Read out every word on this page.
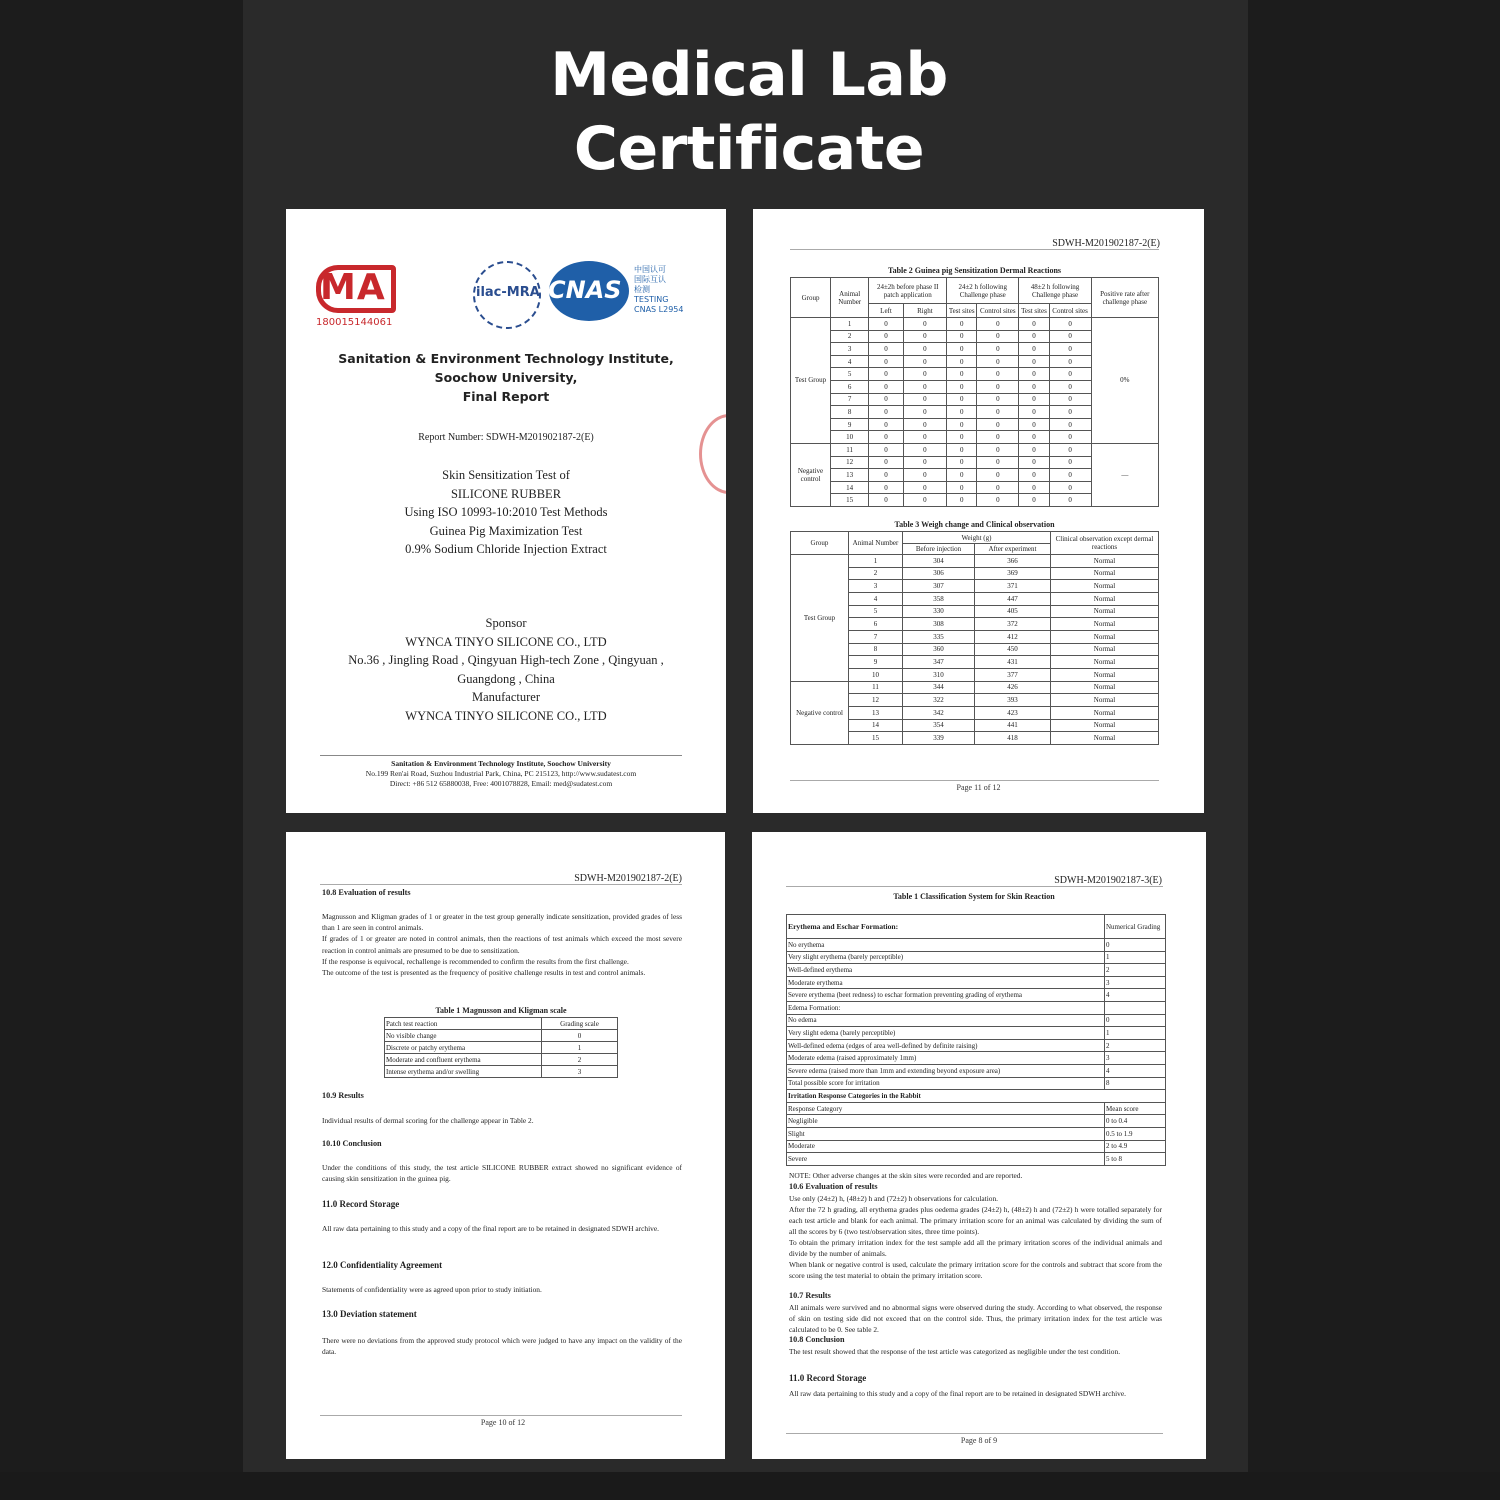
Medical Lab
Certificate
MA
180015144061
ilac-MRA CNAS
中国认可
国际互认
检测
TESTING
CNAS L2954
Sanitation & Environment Technology Institute,
Soochow University,
Final Report
Report Number: SDWH-M201902187-2(E)
Skin Sensitization Test of
SILICONE RUBBER
Using ISO 10993-10:2010 Test Methods
Guinea Pig Maximization Test
0.9% Sodium Chloride Injection Extract
Sponsor
WYNCA TINYO SILICONE CO., LTD
No.36 , Jingling Road , Qingyuan High-tech Zone , Qingyuan ,
Guangdong , China
Manufacturer
WYNCA TINYO SILICONE CO., LTD
Sanitation & Environment Technology Institute, Soochow University
No.199 Ren'ai Road, Suzhou Industrial Park, China, PC 215123, http://www.sudatest.com
Direct: +86 512 65880038, Free: 4001078828, Email: med@sudatest.com
SDWH-M201902187-2(E)
Table 2 Guinea pig Sensitization Dermal Reactions
Group	Animal Number	24±2h before phase II patch application		24±2 h following Challenge phase		48±2 h following Challenge phase		Positive rate after challenge phase
		Left	Right	Test sites	Control sites	Test sites	Control sites	
Test Group	1	0	0	0	0	0	0	0%
	2	0	0	0	0	0	0	
	3	0	0	0	0	0	0	
	4	0	0	0	0	0	0	
	5	0	0	0	0	0	0	
	6	0	0	0	0	0	0	
	7	0	0	0	0	0	0	
	8	0	0	0	0	0	0	
	9	0	0	0	0	0	0	
	10	0	0	0	0	0	0	
Negative control	11	0	0	0	0	0	0	—
	12	0	0	0	0	0	0	
	13	0	0	0	0	0	0	
	14	0	0	0	0	0	0	
	15	0	0	0	0	0	0	
Table 3 Weigh change and Clinical observation
Group	Animal Number	Weight (g)		Clinical observation except dermal reactions
		Before injection	After experiment	
Test Group	1	304	366	Normal
	2	306	369	Normal
	3	307	371	Normal
	4	358	447	Normal
	5	330	405	Normal
	6	308	372	Normal
	7	335	412	Normal
	8	360	450	Normal
	9	347	431	Normal
	10	310	377	Normal
Negative control	11	344	426	Normal
	12	322	393	Normal
	13	342	423	Normal
	14	354	441	Normal
	15	339	418	Normal
Page 11 of 12
SDWH-M201902187-2(E)
10.8 Evaluation of results
Magnusson and Kligman grades of 1 or greater in the test group generally indicate sensitization, provided grades of less than 1 are seen in control animals.
If grades of 1 or greater are noted in control animals, then the reactions of test animals which exceed the most severe reaction in control animals are presumed to be due to sensitization.
If the response is equivocal, rechallenge is recommended to confirm the results from the first challenge.
The outcome of the test is presented as the frequency of positive challenge results in test and control animals.
Table 1 Magnusson and Kligman scale
Patch test reaction	Grading scale
No visible change	0
Discrete or patchy erythema	1
Moderate and confluent erythema	2
Intense erythema and/or swelling	3
10.9 Results
Individual results of dermal scoring for the challenge appear in Table 2.
10.10 Conclusion
Under the conditions of this study, the test article SILICONE RUBBER extract showed no significant evidence of causing skin sensitization in the guinea pig.
11.0 Record Storage
All raw data pertaining to this study and a copy of the final report are to be retained in designated SDWH archive.
12.0 Confidentiality Agreement
Statements of confidentiality were as agreed upon prior to study initiation.
13.0 Deviation statement
There were no deviations from the approved study protocol which were judged to have any impact on the validity of the data.
Page 10 of 12
SDWH-M201902187-3(E)
Table 1 Classification System for Skin Reaction
Erythema and Eschar Formation:	Numerical Grading
No erythema	0
Very slight erythema (barely perceptible)	1
Well-defined erythema	2
Moderate erythema	3
Severe erythema (beet redness) to eschar formation preventing grading of erythema	4
Edema Formation:	
No edema	0
Very slight edema (barely perceptible)	1
Well-defined edema (edges of area well-defined by definite raising)	2
Moderate edema (raised approximately 1mm)	3
Severe edema (raised more than 1mm and extending beyond exposure area)	4
Total possible score for irritation	8
Irritation Response Categories in the Rabbit	
Response Category	Mean score
Negligible	0 to 0.4
Slight	0.5 to 1.9
Moderate	2 to 4.9
Severe	5 to 8
NOTE: Other adverse changes at the skin sites were recorded and are reported.
10.6 Evaluation of results
Use only (24±2) h, (48±2) h and (72±2) h observations for calculation.
After the 72 h grading, all erythema grades plus oedema grades (24±2) h, (48±2) h and (72±2) h were totalled separately for each test article and blank for each animal. The primary irritation score for an animal was calculated by dividing the sum of all the scores by 6 (two test/observation sites, three time points).
To obtain the primary irritation index for the test sample add all the primary irritation scores of the individual animals and divide by the number of animals.
When blank or negative control is used, calculate the primary irritation score for the controls and subtract that score from the score using the test material to obtain the primary irritation score.
10.7 Results
All animals were survived and no abnormal signs were observed during the study. According to what observed, the response of skin on testing side did not exceed that on the control side. Thus, the primary irritation index for the test article was calculated to be 0. See table 2.
10.8 Conclusion
The test result showed that the response of the test article was categorized as negligible under the test condition.
11.0 Record Storage
All raw data pertaining to this study and a copy of the final report are to be retained in designated SDWH archive.
Page 8 of 9
